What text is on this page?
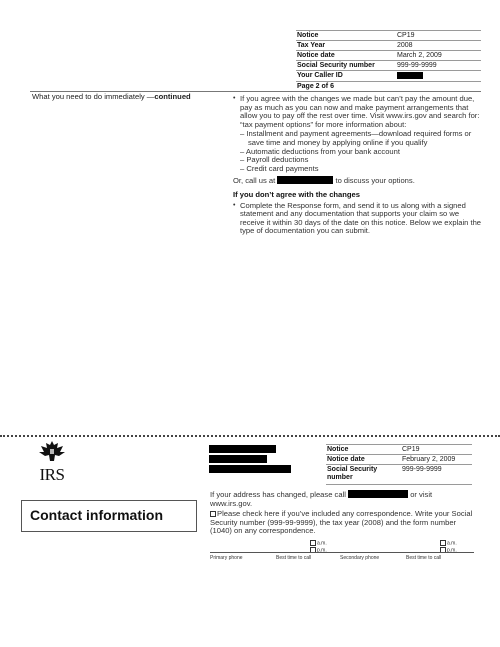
Notice	CP19
Tax Year	2008
Notice date	March 2, 2009
Social Security number	999-99-9999
Your Caller ID	
Page 2 of 6	
What you need to do immediately —continued	• If you agree with the changes we made but can’t pay the amount due, pay as much as you can now and make payment arrangements that allow you to pay off the rest over time. Visit www.irs.gov and search for: “tax payment options” for more information about:
– Installment and payment agreements—download required forms or save time and money by applying online if you qualify
– Automatic deductions from your bank account
– Payroll deductions
– Credit card payments
Or, call us at	to discuss your options.
If you don’t agree with the changes
• Complete the Response form, and send it to us along with a signed statement and any documentation that supports your claim so we receive it within 30 days of the date on this notice. Below we explain the type of documentation you can submit.
IRS
Notice	CP19
Notice date	February 2, 2009
Social Security number	999-99-9999
Contact information
If your address has changed, please call	or visit
www.irs.gov.
Please check here if you’ve included any correspondence. Write your Social Security number (999-99-9999), the tax year (2008) and the form number (1040) on any correspondence.
a.m.
p.m.
a.m.
p.m.
Primary phone	Best time to call	Secondary phone	Best time to call
